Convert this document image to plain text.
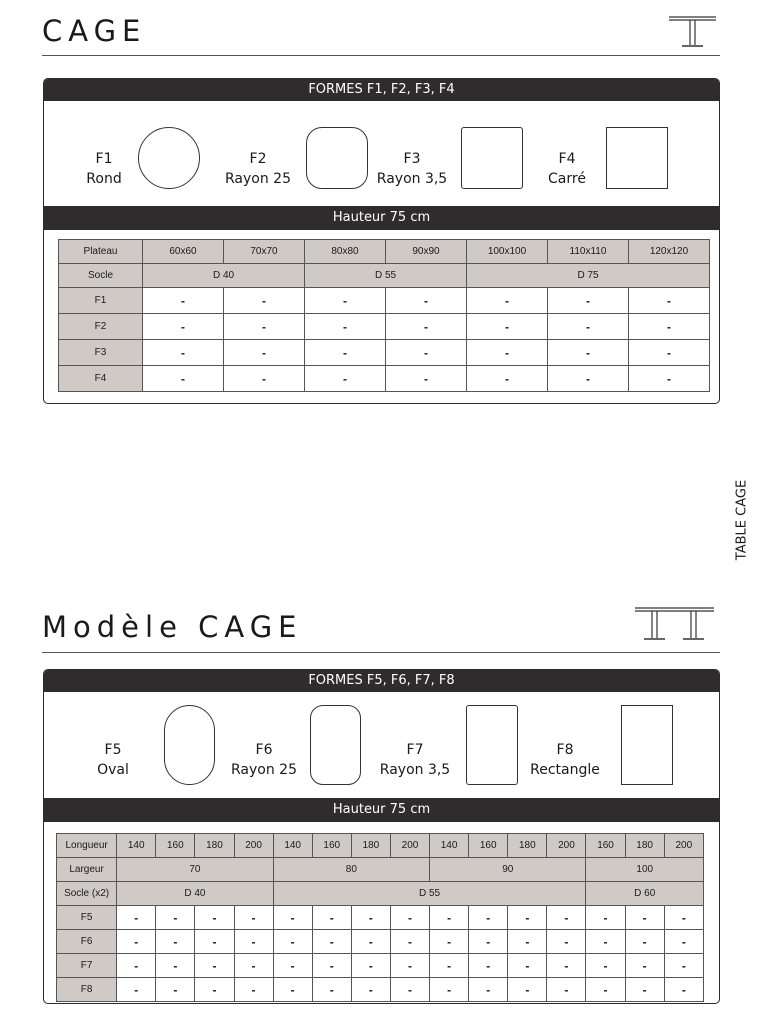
CAGE
FORMES F1, F2, F3, F4
F1
Rond
F2
Rayon 25
F3
Rayon 3,5
F4
Carré
Hauteur 75 cm
Plateau	60x60	70x70	80x80	90x90	100x100	110x110	120x120
Socle	D 40		D 55		D 75		
F1	-	-	-	-	-	-	-
F2	-	-	-	-	-	-	-
F3	-	-	-	-	-	-	-
F4	-	-	-	-	-	-	-
TABLE CAGE
Modèle CAGE
FORMES F5, F6, F7, F8
F5
Oval
F6
Rayon 25
F7
Rayon 3,5
F8
Rectangle
Hauteur 75 cm
Longueur	140	160	180	200	140	160	180	200	140	160	180	200	160	180	200
Largeur	70				80				90				100		
Socle (x2)	D 40				D 55								D 60		
F5	-	-	-	-	-	-	-	-	-	-	-	-	-	-	-
F6	-	-	-	-	-	-	-	-	-	-	-	-	-	-	-
F7	-	-	-	-	-	-	-	-	-	-	-	-	-	-	-
F8	-	-	-	-	-	-	-	-	-	-	-	-	-	-	-
